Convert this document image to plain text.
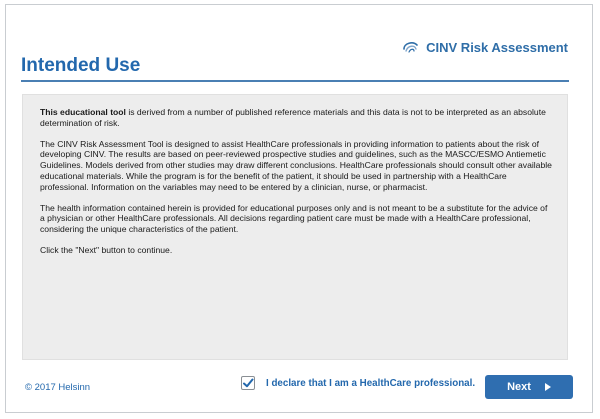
CINV Risk Assessment
Intended Use

This educational tool is derived from a number of published reference materials and this data is not to be interpreted as an absolute determination of risk.

The CINV Risk Assessment Tool is designed to assist HealthCare professionals in providing information to patients about the risk of developing CINV. The results are based on peer-reviewed prospective studies and guidelines, such as the MASCC/ESMO Antiemetic Guidelines. Models derived from other studies may draw different conclusions. HealthCare professionals should consult other available educational materials. While the program is for the benefit of the patient, it should be used in partnership with a HealthCare professional. Information on the variables may need to be entered by a clinician, nurse, or pharmacist.

The health information contained herein is provided for educational purposes only and is not meant to be a substitute for the advice of a physician or other HealthCare professionals. All decisions regarding patient care must be made with a HealthCare professional, considering the unique characteristics of the patient.

Click the "Next" button to continue.

© 2017 Helsinn	I declare that I am a HealthCare professional.	Next
